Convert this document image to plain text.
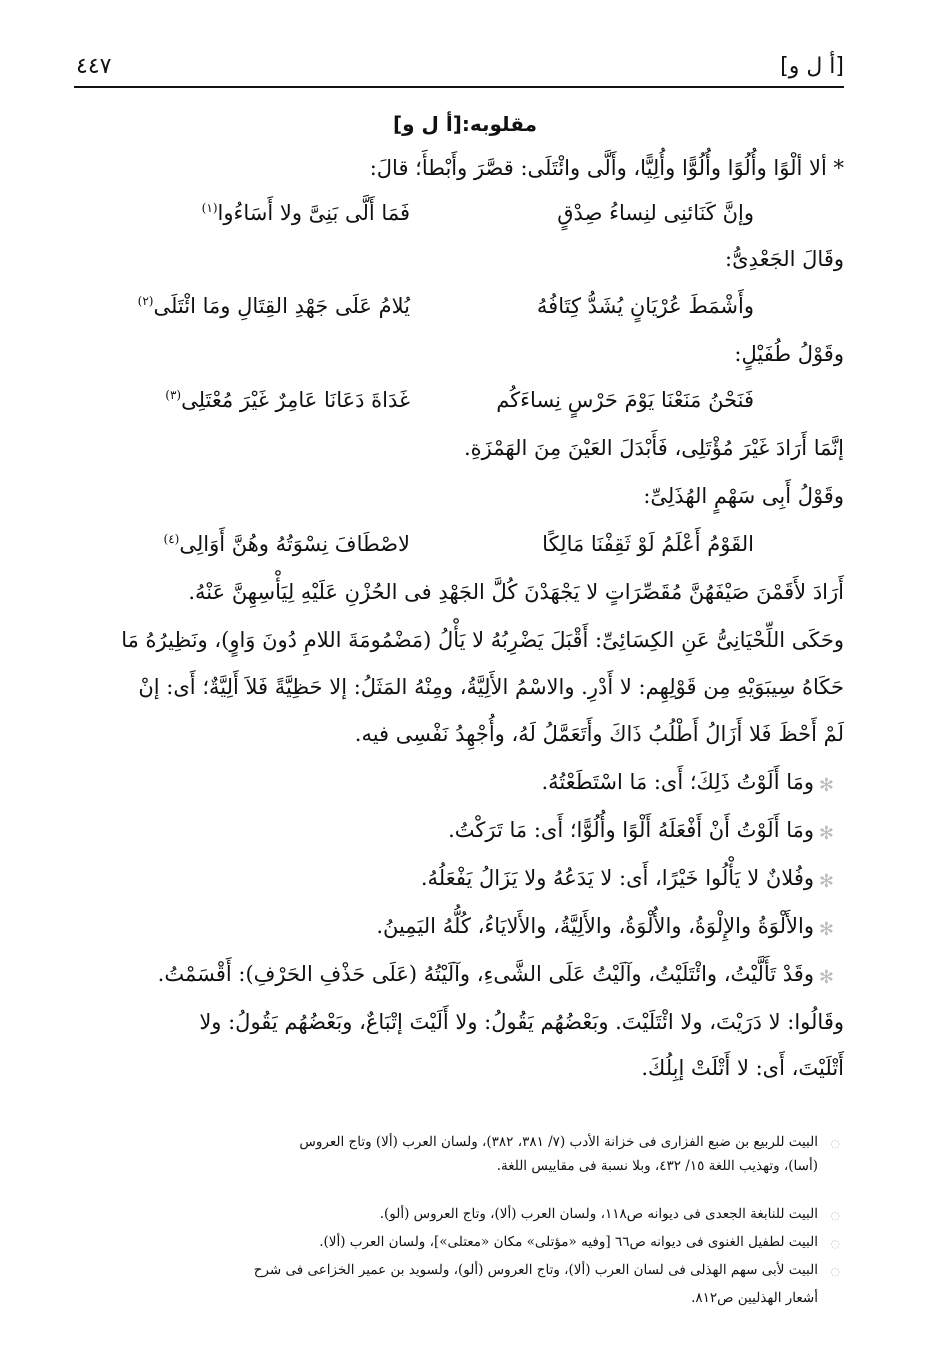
[أ ل و]
٤٤٧
مقلوبه:[أ ل و]
* ألا ألْوًا وأُلُوًا وأُلُوًّا وأُلِيًّا، وأَلَّى وائْتَلَى: قصَّرَ وأَبْطأَ؛ قالَ:
وإنَّ كَنَائنِى لنِساءُ صِدْقٍ
فَمَا أَلَّى بَنِىَّ ولا أَسَاءُوا$^{(١)}$
وقَالَ الجَعْدِىُّ:
وأَشْمَطَ عُرْيَانٍ يُشَدُّ كِتَافُهُ
يُلامُ عَلَى جَهْدِ القِتَالِ ومَا ائْتَلَى$^{(٢)}$
وقَوْلُ طُفَيْلٍ:
فَنَحْنُ مَنَعْنَا يَوْمَ حَرْسٍ نِساءَكُم
غَدَاةَ دَعَانَا عَامِرٌ غَيْرَ مُعْتَلِى$^{(٣)}$
إنَّمَا أَرَادَ غَيْرَ مُؤْتَلِى، فَأَبْدَلَ العَيْنَ مِنَ الهَمْزَةِ.
وقَوْلُ أَبِى سَهْمٍ الهُذَلِىِّ:
القَوْمُ أَعْلَمُ لَوْ ثَقِفْنَا مَالِكًا
لاصْطَافَ نِسْوَتُهُ وهُنَّ أَوَالِى$^{(٤)}$
أَرَادَ لأَقَمْنَ صَيْفَهُنَّ مُقَصِّرَاتٍ لا يَجْهَدْنَ كُلَّ الجَهْدِ فى الحُزْنِ عَلَيْهِ لِيَأْسِهِنَّ عَنْهُ.
وحَكَى اللِّحْيَانِىُّ عَنِ الكِسَائِىِّ: أَقْبَلَ يَضْرِبُهُ لا يَأْلُ (مَضْمُومَةَ اللامِ دُونَ وَاوٍ)، ونَظِيرُهُ مَا
حَكَاهُ سِيبَوَيْهِ مِن قَوْلِهِم: لا أَدْرِ. والاسْمُ الأَلِيَّةُ، ومِنْهُ المَثَلُ: إلا حَظِيَّةً فَلاَ أَلِيَّةٌ؛ أَى: إنْ
لَمْ أَحْظَ فَلا أَزَالُ أَطْلُبُ ذَاكَ وأَتَعَمَّلُ لَهُ، وأُجْهِدُ نَفْسِى فيه.
✻
ومَا أَلَوْتُ ذَلِكَ؛ أَى: مَا اسْتَطَعْتُهُ.
✻
ومَا أَلَوْتُ أَنْ أَفْعَلَهُ أَلْوًا وأُلُوًّا؛ أَى: مَا تَرَكْتُ.
✻
وفُلانٌ لا يَأْلُوا خَيْرًا، أَى: لا يَدَعُهُ ولا يَزَالُ يَفْعَلُهُ.
✻
والأَلْوَةُ والإِلْوَةُ، والأُلْوَةُ، والأَلِيَّةُ، والأَلايَاءُ، كُلُّهُ اليَمِينُ.
✻
وقَدْ تَأَلَّيْتُ، وائْتَلَيْتُ، وآلَيْتُ عَلَى الشَّىءِ، وآلَيْتُهُ (عَلَى حَذْفِ الحَرْفِ): أَقْسَمْتُ.
وقَالُوا: لا دَرَيْتَ، ولا ائْتَلَيْتَ. وبَعْضُهُم يَقُولُ: ولا أَلَيْتَ إتْبَاعٌ، وبَعْضُهُم يَقُولُ: ولا
أَتْلَيْتَ، أَى: لا أَتْلَتْ إبِلُكَ.
◌
البيت للربيع بن ضبع الفزارى فى خزانة الأدب (٧/ ٣٨١، ٣٨٢)، ولسان العرب (ألا) وتاج العروس
(أسا)، وتهذيب اللغة ١٥/ ٤٣٢، وبلا نسبة فى مقاييس اللغة.
◌
البيت للنابغة الجعدى فى ديوانه ص١١٨، ولسان العرب (ألا)، وتاج العروس (ألو).
◌
البيت لطفيل الغنوى فى ديوانه ص٦٦ [وفيه «مؤتلى» مكان «معتلى»]، ولسان العرب (ألا).
◌
البيت لأبى سهم الهذلى فى لسان العرب (ألا)، وتاج العروس (ألو)، ولسويد بن عمير الخزاعى فى شرح
أشعار الهذليين ص٨١٢.
